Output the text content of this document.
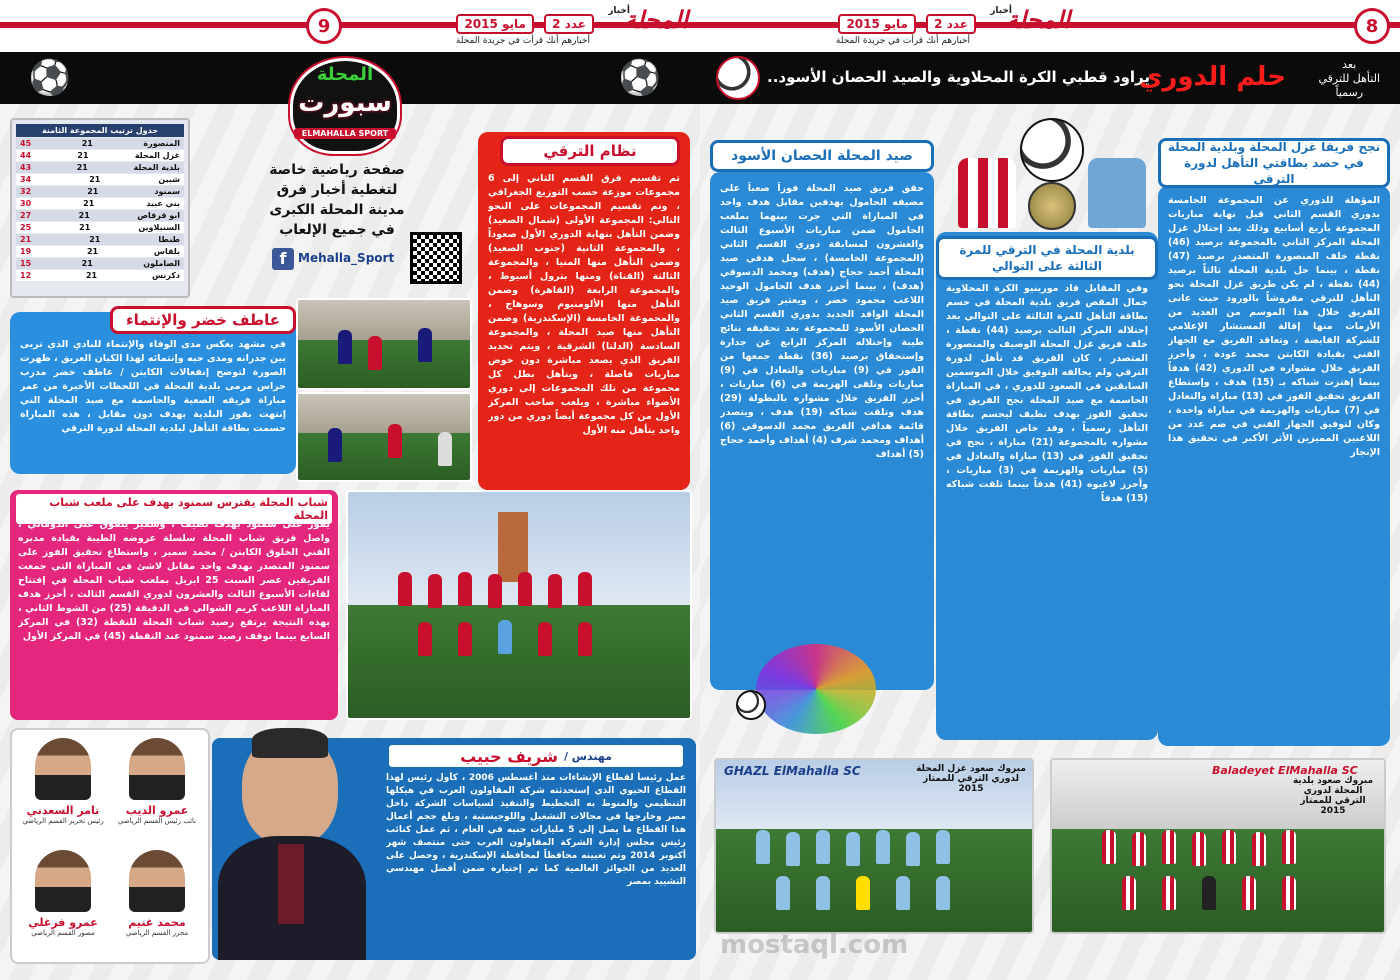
المحلة
أخبار
عدد 2
مايو 2015
أخبارهم أنك قرأت في جريدة المحلة
9
⚽	⚽
المحلة
سبورت
ELMAHALLA SPORT
صفحة رياضية خاصة لتغطية أخبار فرق مدينة المحلة الكبرى في جميع الإلعاب
f Mehalla_Sport
جدول ترتيب المجموعة الثامنة
المنصورة
21
45
غزل المحلة
21
44
بلدية المحلة
21
43
شبين
21
34
سمنود
21
32
بني عبيد
21
30
ابو قرقاص
21
27
السنبلاوين
21
25
طنطا
21
21
بلقاس
21
19
الصاملون
21
15
دكرنس
21
12
في مشهد يعكس مدى الوفاء والإنتماء للنادي الذي تربى بين جدرانه ومدى حبه وإنتمائه لهذا الكيان العريق ، ظهرت الصورة لتوضح إنفعالات الكابتن / عاطف خضر مدرب حراس مرمى بلدية المحلة في اللحظات الأخيرة من عمر مباراة فريقه الصعبة والحاسمة مع صيد المحلة التي إنتهت بفوز البلدية بهدف دون مقابل ، هذه المباراة حسمت بطاقة التأهل لبلدية المحلة لدورة الترقي
عاطف خضر والإنتماء
تم تقسيم فرق القسم الثاني إلى 6 مجموعات موزعة حسب التوزيع الجغرافي ، وتم تقسيم المجموعات على النحو التالي: المجموعة الأولى (شمال الصعيد) وضمن التأهل بنهاية الدوري الأول صعوداً ، والمجموعة الثانية (جنوب الصعيد) وضمن التأهل منها المنيا ، والمجموعة الثالثة (القناة) ومنها بترول أسيوط ، والمجموعة الرابعة (القاهرة) وضمن التأهل منها الألومنيوم وسوهاج ، والمجموعة الخامسة (الإسكندرية) وضمن التأهل منها صيد المحلة ، والمجموعة السادسة (الدلتا) الشرقية ، ويتم تحديد الفريق الذي يصعد مباشرة دون خوض مباريات فاصلة ، ويتأهل بطل كل مجموعة من تلك المجموعات إلى دوري الأضواء مباشرة ، ويلعب صاحب المركز الأول من كل مجموعة أيضاً دوري من دور واحد يتأهل منه الأول
نظام الترقي
شباب المحلة يفترس سمنود بهدف على ملعب شباب المحلة
يفوز على سمنود بهدف نظيف ، وسمير يتفوق على الدوماني ، واصل فريق شباب المحلة سلسلة عروضه الطيبة بقيادة مديره الفني الخلوق الكابتن / محمد سمير ، واستطاع تحقيق الفوز على سمنود المتصدر بهدف واحد مقابل لاشئ في المباراة التي جمعت الفريقين عصر السبت 25 ابريل بملعب شباب المحلة في إفتتاح لقاءات الأسبوع الثالث والعشرون لدوري القسم الثالث ، أحرز هدف المباراة اللاعب كريم الشوالي في الدقيقة (25) من الشوط الثاني ، بهذه النتيجة يرتفع رصيد شباب المحلة للنقطة (32) في المركز السابع بينما توقف رصيد سمنود عند النقطة (45) في المركز الأول
عمل رئيساً لقطاع الإنشاءات منذ أغسطس 2006 ، كأول رئيس لهذا القطاع الحيوي الذي إستحدثته شركة المقاولون العرب في هيكلها التنظيمي والمنوط به التخطيط والتنفيذ لسياسات الشركة داخل مصر وخارجها في مجالات التشغيل واللوجيستية ، وبلغ حجم أعمال هذا القطاع ما يصل إلى 5 مليارات جنيه في العام ، ثم عمل كنائب رئيس مجلس إدارة الشركة المقاولون العرب حتى منتصف شهر أكتوبر 2014 وتم تعيينه محافظاً لمحافظة الإسكندرية ، وحصل على العديد من الجوائز العالمية كما تم إختياره ضمن أفضل مهندسي التشييد بمصر
مهندس /
شريف حبيب
عمرو الديب
نائب رئيس القسم الرياضي
تامر السعدني
رئيس تحرير القسم الرياضي
محمد غنيم
محرر القسم الرياضي
عمرو فرغلي
مصور القسم الرياضي
8
المحلة
أخبار
عدد 2
مايو 2015
أخبارهم أنك قرأت في جريدة المحلة
بعد
التأهل للترقي
رسمياً
حلم الدوري
يراود قطبي الكرة المحلاوية والصيد الحصان الأسود..
المؤهلة للدوري عن المجموعة الخامسة بدوري القسم الثاني قبل نهاية مباريات المجموعة بأربع أسابيع وذلك بعد إحتلال غزل المحلة المركز الثاني بالمجموعة برصيد (46) نقطة خلف المنصورة المتصدر برصيد (47) نقطة ، بينما حل بلدية المحلة ثالثاً برصيد (44) نقطة ، لم يكن طريق غزل المحلة نحو التأهل للترقي مفروشاً بالورود حيث عانى الفريق خلال هذا الموسم من العديد من الأزمات منها إقالة المستشار الإعلامي للشركة القابضة ، وتعاقد الفريق مع الجهاز الفني بقيادة الكابتن محمد عودة ، وأحرز الفريق خلال مشواره في الدوري (42) هدفاً بينما إهتزت شباكه بـ (15) هدف ، وإستطاع الفريق تحقيق الفوز في (13) مباراة والتعادل في (7) مباريات والهزيمة في مباراة واحدة ، وكان لتوفيق الجهاز الفني في ضم عدد من اللاعبين المميزين الأثر الأكبر في تحقيق هذا الإنجاز
نجح فريقا غزل المحلة وبلدية المحلة في حصد بطاقتي التأهل لدورة الترقي
وفي المقابل قاد مورينيو الكرة المحلاوية جمال المقص فريق بلدية المحلة في حسم بطاقة التأهل للمرة الثالثة على التوالي بعد إحتلاله المركز الثالث برصيد (44) نقطة ، خلف فريق غزل المحلة الوصيف والمنصورة المتصدر ، كان الفريق قد تأهل لدورة الترقي ولم يحالفه التوفيق خلال الموسمين السابقين في الصعود للدوري ، في المباراة الحاسمة مع صيد المحلة نجح الفريق في تحقيق الفوز بهدف نظيف ليحسم بطاقة التأهل رسمياً ، وقد خاض الفريق خلال مشواره بالمجموعة (21) مباراة ، نجح في تحقيق الفوز في (13) مباراة والتعادل في (5) مباريات والهزيمة في (3) مباريات ، وأحرز لاعبوه (41) هدفاً بينما تلقت شباكه (15) هدفاً
بلدية المحلة في الترقي للمرة الثالثة على التوالي
حقق فريق صيد المحلة فوزاً صعباً على مضيفه الحامول بهدفين مقابل هدف واحد في المباراة التي جرت بينهما بملعب الحامول ضمن مباريات الأسبوع الثالث والعشرون لمسابقة دوري القسم الثاني (المجموعة الخامسة) ، سجل هدفي صيد المحلة أحمد حجاج (هدف) ومحمد الدسوقي (هدف) ، بينما أحرز هدف الحامول الوحيد اللاعب محمود خضر ، ويعتبر فريق صيد المحلة الوافد الجديد بدوري القسم الثاني الحصان الأسود للمجموعة بعد تحقيقه نتائج طيبة وإحتلاله المركز الرابع عن جدارة وإستحقاق برصيد (36) نقطة جمعها من الفوز في (9) مباريات والتعادل في (9) مباريات وتلقى الهزيمة في (6) مباريات ، أحرز الفريق خلال مشواره بالبطولة (29) هدف وتلقت شباكه (19) هدف ، ويتصدر قائمة هدافي الفريق محمد الدسوقي (6) أهداف ومحمد شرف (4) أهداف وأحمد حجاج (5) أهداف
صيد المحلة الحصان الأسود
GHAZL ElMahalla SC	مبروك صعود غزل المحلة لدوري الترقي للممتاز 2015
Baladeyet ElMahalla SC
مبروك صعود بلدية المحلة لدوري الترقي للممتاز 2015
mostaql.com
